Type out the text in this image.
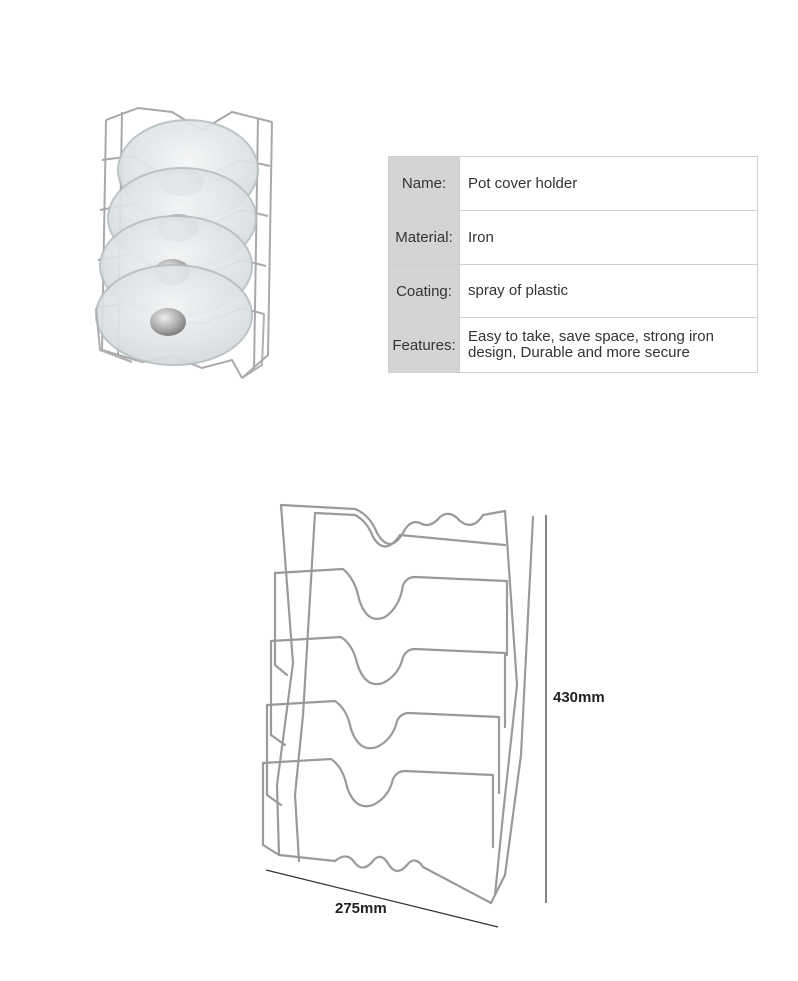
Name:	Pot cover holder
Material:	Iron
Coating:	spray of plastic
Features:	Easy to take, save space, strong iron design, Durable and more secure
430mm
275mm
